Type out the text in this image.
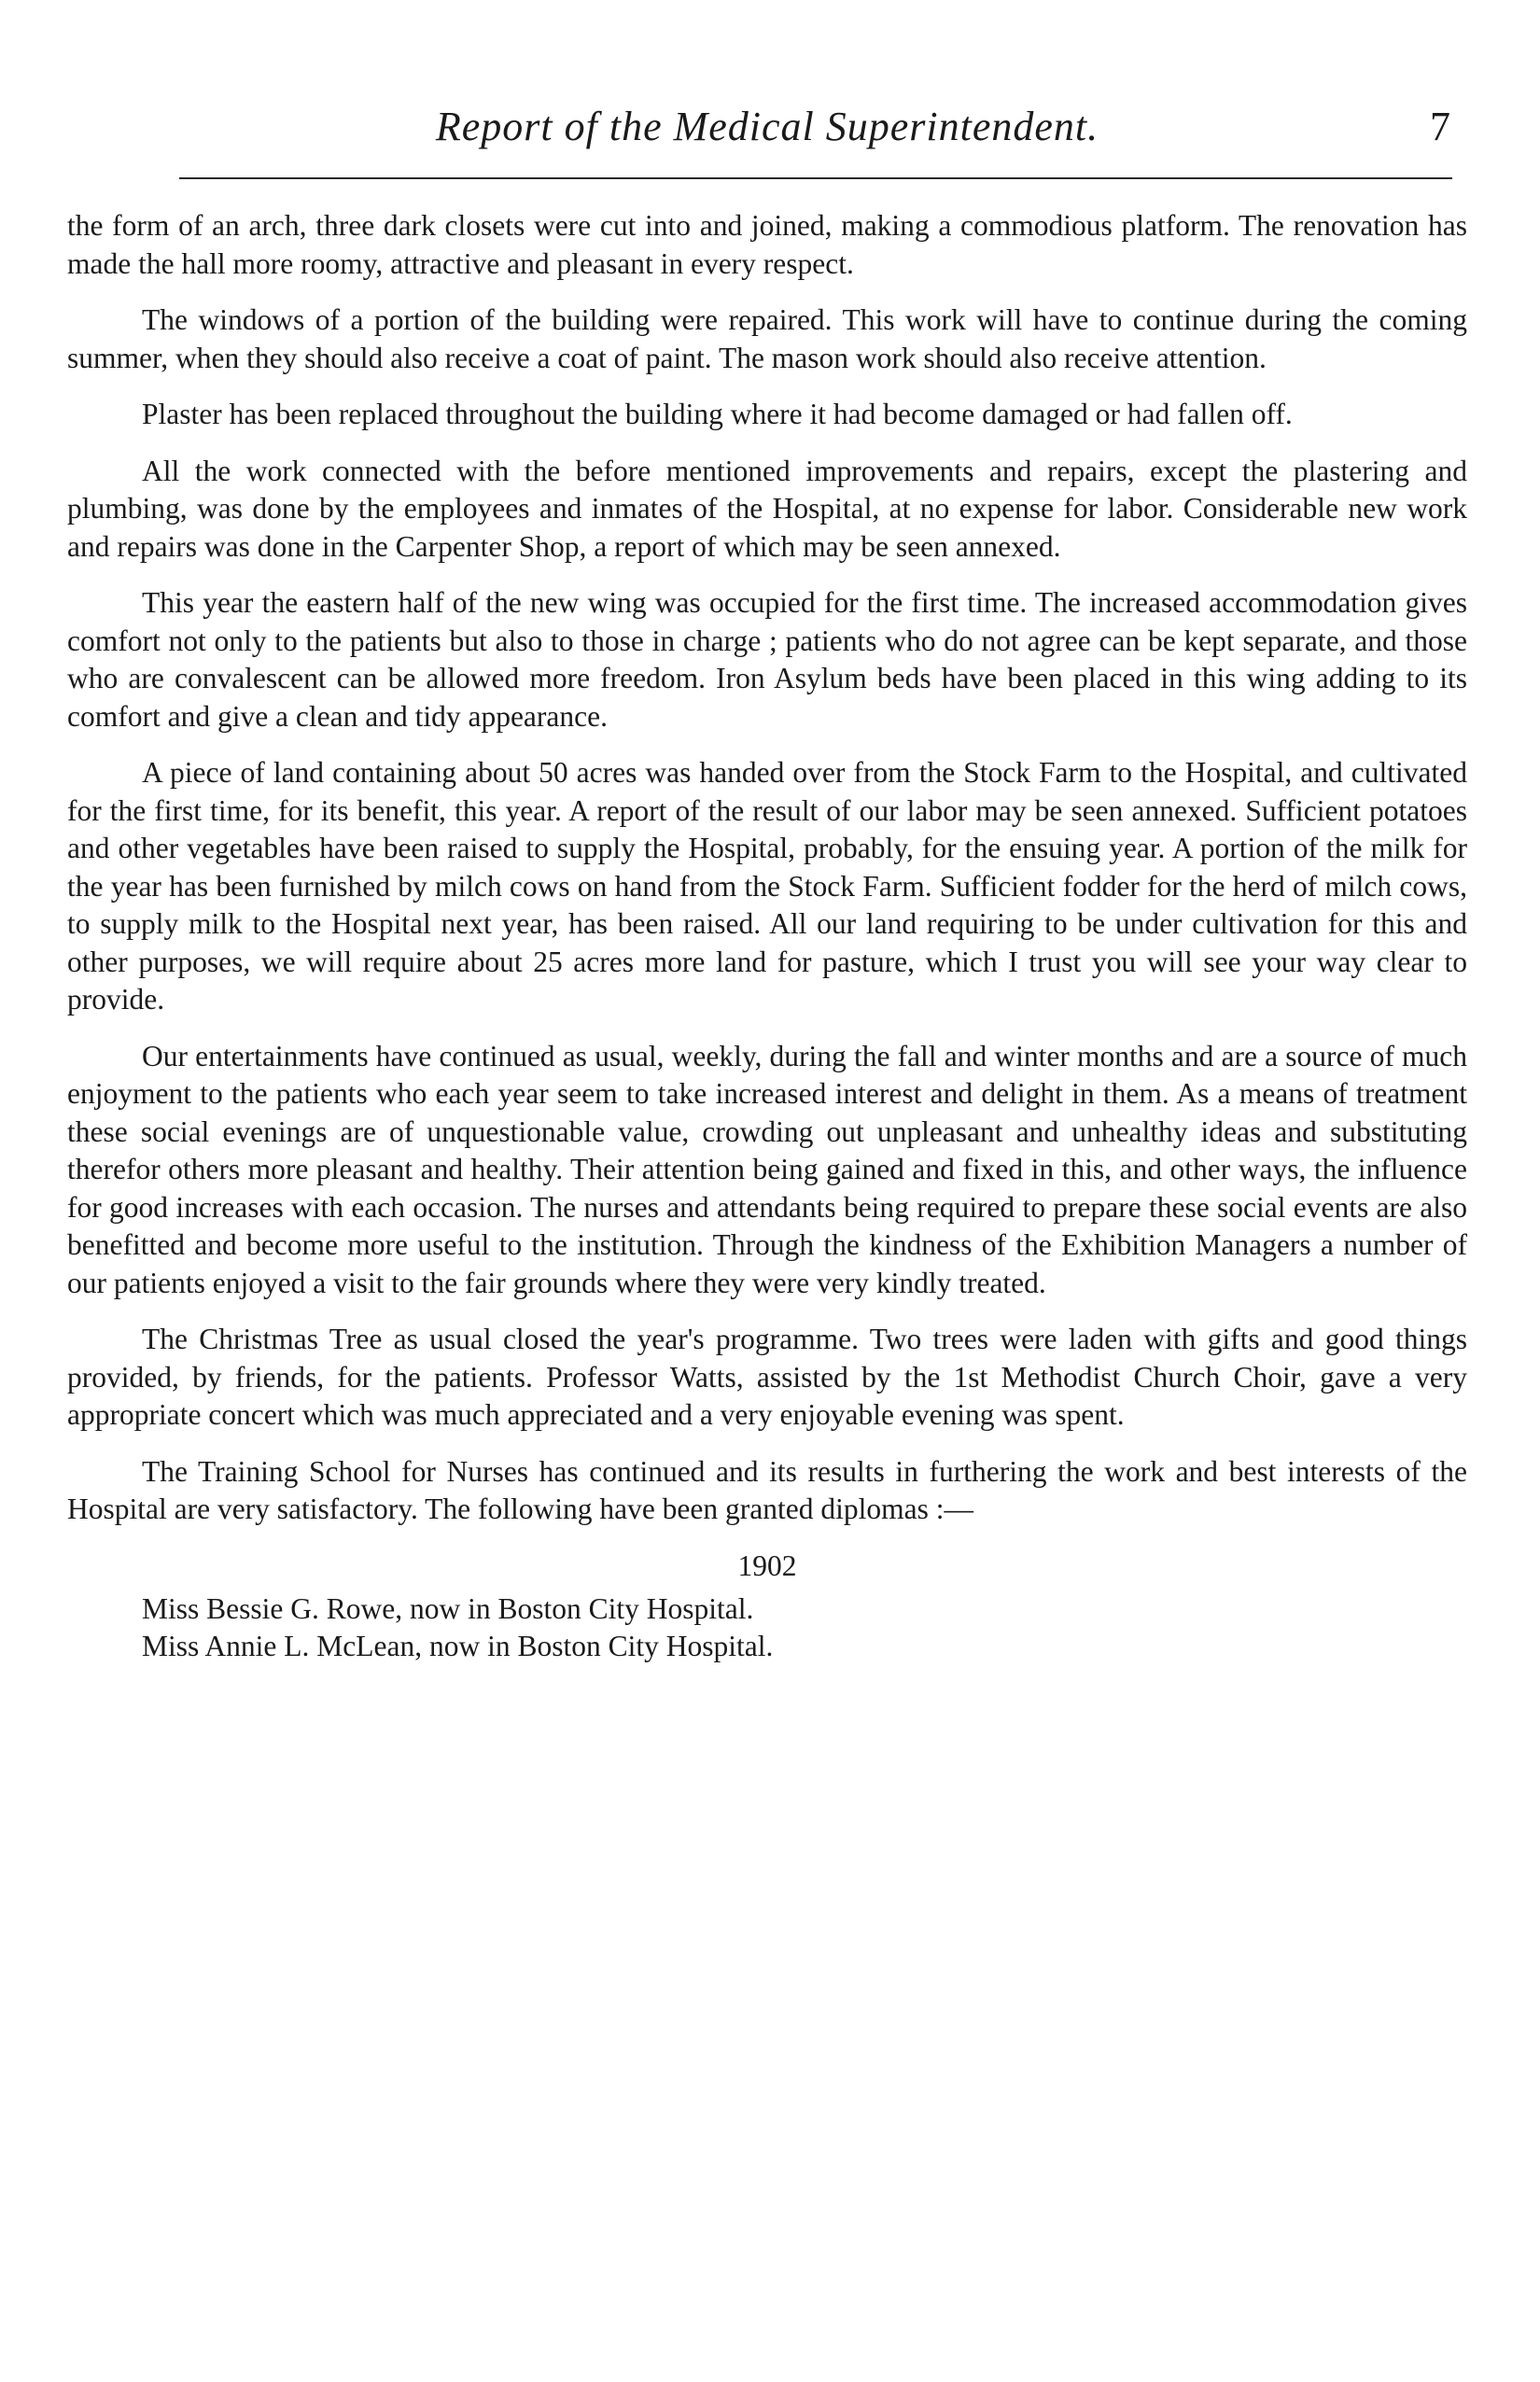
Report of the Medical Superintendent.	7

the form of an arch, three dark closets were cut into and joined, making a commodious platform. The renovation has made the hall more roomy, attractive and pleasant in every respect.

The windows of a portion of the building were repaired. This work will have to continue during the coming summer, when they should also receive a coat of paint. The mason work should also receive attention.

Plaster has been replaced throughout the building where it had become damaged or had fallen off.

All the work connected with the before mentioned improvements and repairs, except the plastering and plumbing, was done by the employees and inmates of the Hospital, at no expense for labor. Considerable new work and repairs was done in the Carpenter Shop, a report of which may be seen annexed.

This year the eastern half of the new wing was occupied for the first time. The increased accommodation gives comfort not only to the patients but also to those in charge ; patients who do not agree can be kept separate, and those who are convalescent can be allowed more freedom. Iron Asylum beds have been placed in this wing adding to its comfort and give a clean and tidy appearance.

A piece of land containing about 50 acres was handed over from the Stock Farm to the Hospital, and cultivated for the first time, for its benefit, this year. A report of the result of our labor may be seen annexed. Sufficient potatoes and other vegetables have been raised to supply the Hospital, probably, for the ensuing year. A portion of the milk for the year has been furnished by milch cows on hand from the Stock Farm. Sufficient fodder for the herd of milch cows, to supply milk to the Hospital next year, has been raised. All our land requiring to be under cultivation for this and other purposes, we will require about 25 acres more land for pasture, which I trust you will see your way clear to provide.

Our entertainments have continued as usual, weekly, during the fall and winter months and are a source of much enjoyment to the patients who each year seem to take increased interest and delight in them. As a means of treatment these social evenings are of unquestionable value, crowding out unpleasant and unhealthy ideas and substituting therefor others more pleasant and healthy. Their attention being gained and fixed in this, and other ways, the influence for good increases with each occasion. The nurses and attendants being required to prepare these social events are also benefitted and become more useful to the institution. Through the kindness of the Exhibition Managers a number of our patients enjoyed a visit to the fair grounds where they were very kindly treated.

The Christmas Tree as usual closed the year's programme. Two trees were laden with gifts and good things provided, by friends, for the patients. Professor Watts, assisted by the 1st Methodist Church Choir, gave a very appropriate concert which was much appreciated and a very enjoyable evening was spent.

The Training School for Nurses has continued and its results in furthering the work and best interests of the Hospital are very satisfactory. The following have been granted diplomas :—

1902
Miss Bessie G. Rowe, now in Boston City Hospital.
Miss Annie L. McLean, now in Boston City Hospital.
